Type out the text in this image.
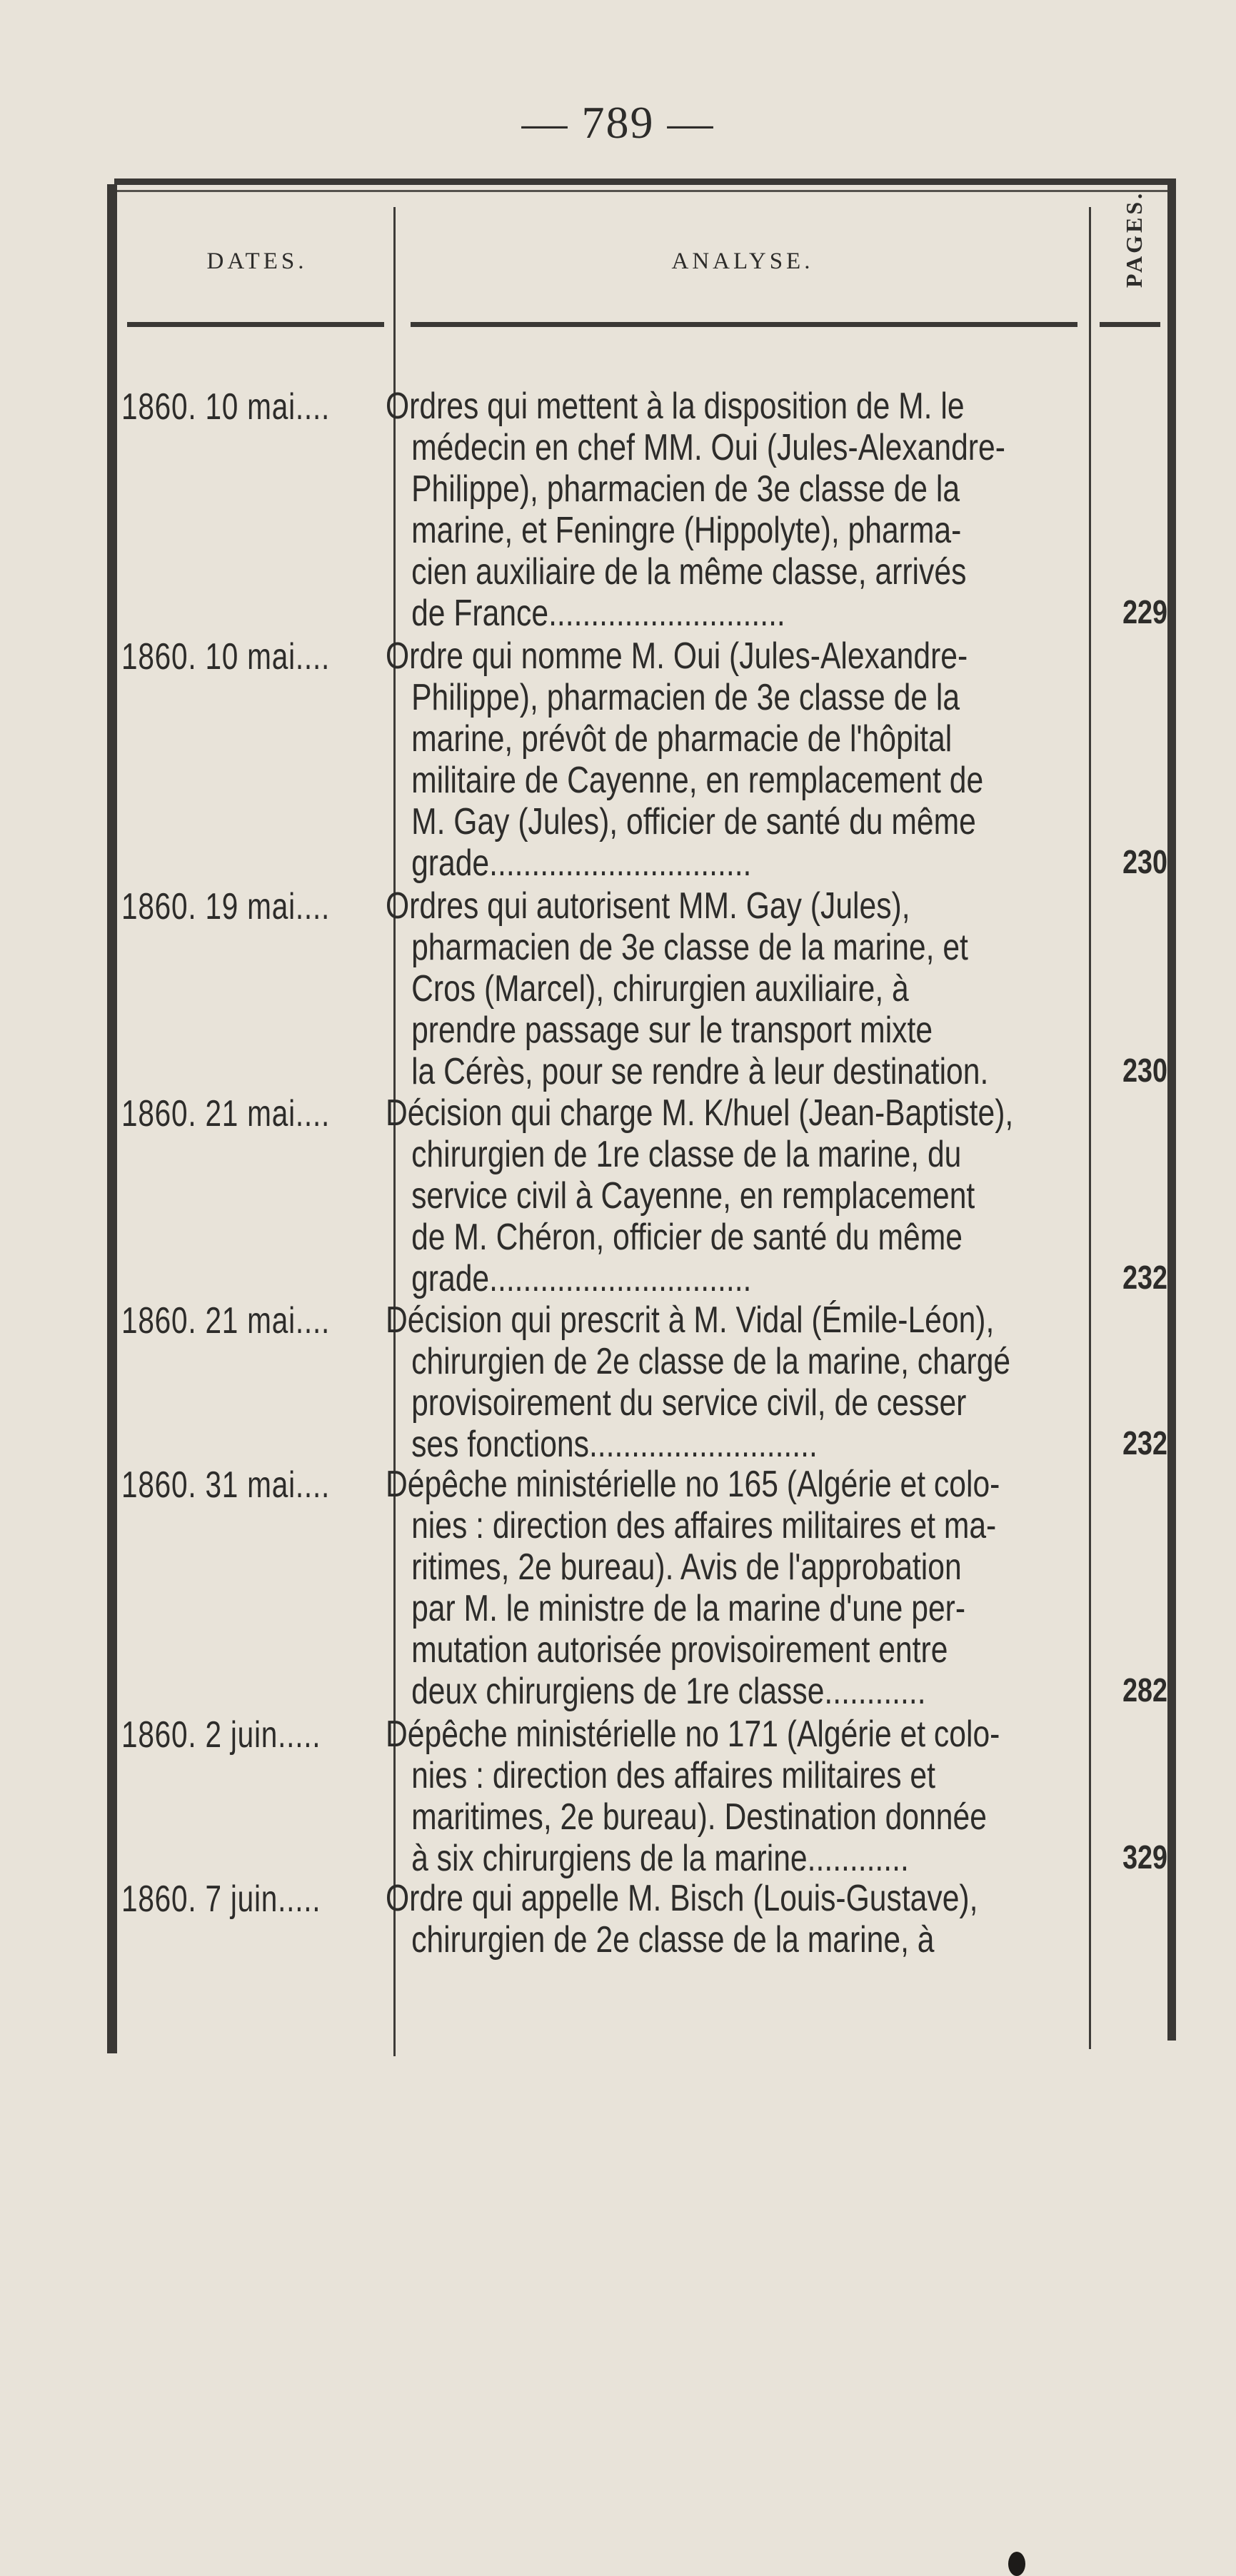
— 789 —
DATES.	ANALYSE.	PAGES.
1860. 10 mai....	Ordres qui mettent à la disposition de M. le
médecin en chef MM. Oui (Jules-Alexandre-
Philippe), pharmacien de 3e classe de la
marine, et Feningre (Hippolyte), pharma-
cien auxiliaire de la même classe, arrivés
de France............................	229
1860. 10 mai....	Ordre qui nomme M. Oui (Jules-Alexandre-
Philippe), pharmacien de 3e classe de la
marine, prévôt de pharmacie de l'hôpital
militaire de Cayenne, en remplacement de
M. Gay (Jules), officier de santé du même
grade...............................	230
1860. 19 mai....	Ordres qui autorisent MM. Gay (Jules),
pharmacien de 3e classe de la marine, et
Cros (Marcel), chirurgien auxiliaire, à
prendre passage sur le transport mixte
la Cérès, pour se rendre à leur destination.	230
1860. 21 mai....	Décision qui charge M. K/huel (Jean-Baptiste),
chirurgien de 1re classe de la marine, du
service civil à Cayenne, en remplacement
de M. Chéron, officier de santé du même
grade...............................	232
1860. 21 mai....	Décision qui prescrit à M. Vidal (Émile-Léon),
chirurgien de 2e classe de la marine, chargé
provisoirement du service civil, de cesser
ses fonctions...........................	232
1860. 31 mai....	Dépêche ministérielle no 165 (Algérie et colo-
nies : direction des affaires militaires et ma-
ritimes, 2e bureau). Avis de l'approbation
par M. le ministre de la marine d'une per-
mutation autorisée provisoirement entre
deux chirurgiens de 1re classe............	282
1860. 2 juin.....	Dépêche ministérielle no 171 (Algérie et colo-
nies : direction des affaires militaires et
maritimes, 2e bureau). Destination donnée
à six chirurgiens de la marine............	329
1860. 7 juin.....	Ordre qui appelle M. Bisch (Louis-Gustave),
chirurgien de 2e classe de la marine, à
